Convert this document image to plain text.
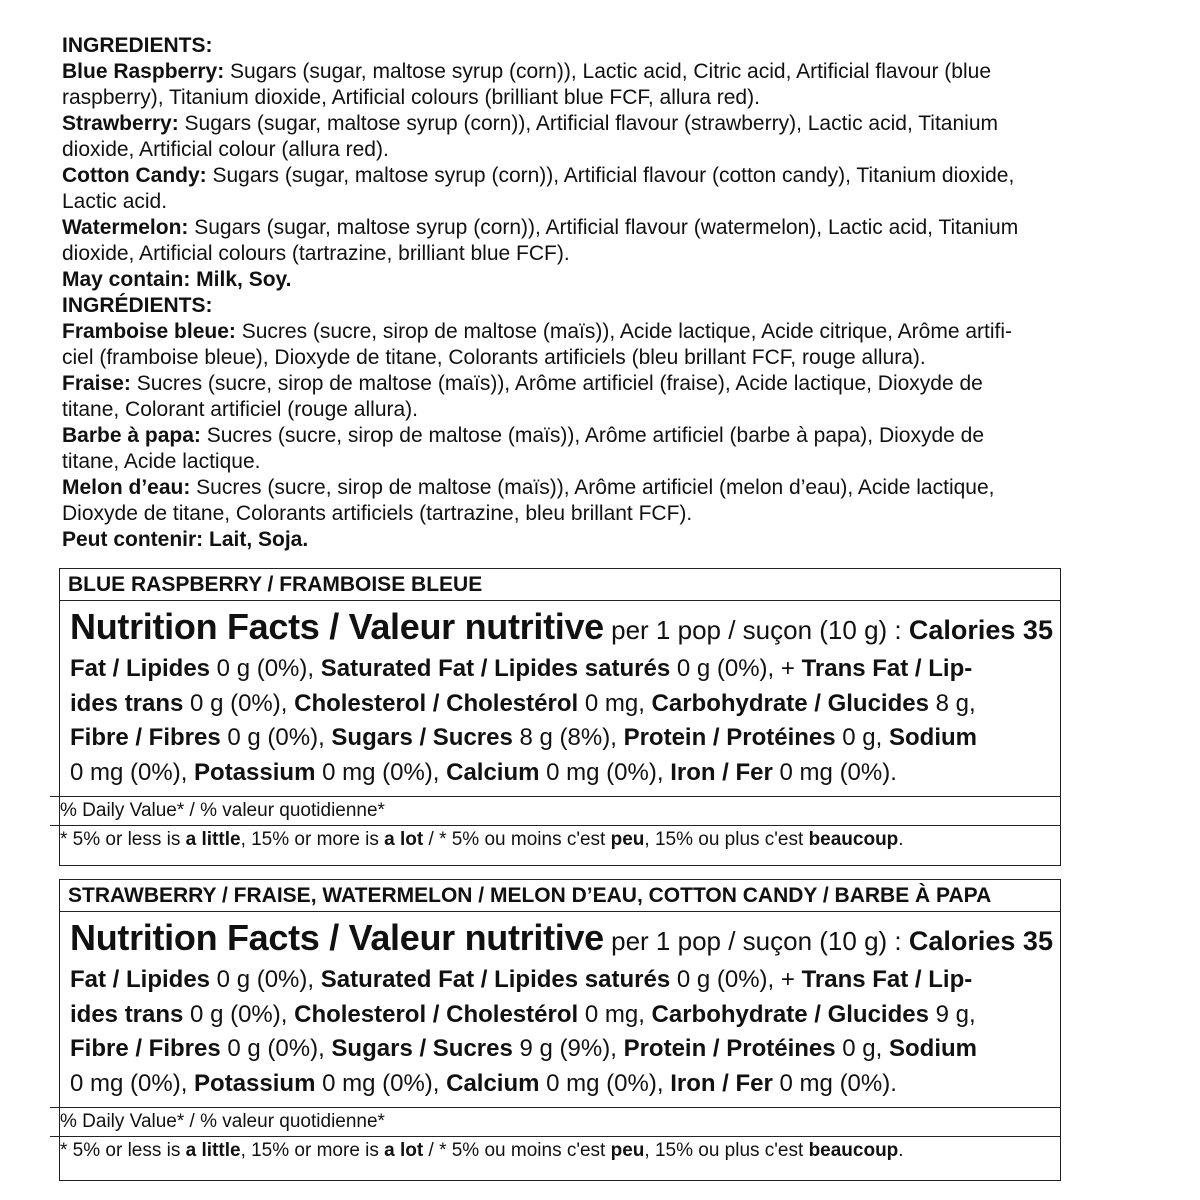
INGREDIENTS:
Blue Raspberry: Sugars (sugar, maltose syrup (corn)), Lactic acid, Citric acid, Artificial flavour (blue
raspberry), Titanium dioxide, Artificial colours (brilliant blue FCF, allura red).
Strawberry: Sugars (sugar, maltose syrup (corn)), Artificial flavour (strawberry), Lactic acid, Titanium
dioxide, Artificial colour (allura red).
Cotton Candy: Sugars (sugar, maltose syrup (corn)), Artificial flavour (cotton candy), Titanium dioxide,
Lactic acid.
Watermelon: Sugars (sugar, maltose syrup (corn)), Artificial flavour (watermelon), Lactic acid, Titanium
dioxide, Artificial colours (tartrazine, brilliant blue FCF).
May contain: Milk, Soy.
INGRÉDIENTS:
Framboise bleue: Sucres (sucre, sirop de maltose (maïs)), Acide lactique, Acide citrique, Arôme artifi-
ciel (framboise bleue), Dioxyde de titane, Colorants artificiels (bleu brillant FCF, rouge allura).
Fraise: Sucres (sucre, sirop de maltose (maïs)), Arôme artificiel (fraise), Acide lactique, Dioxyde de
titane, Colorant artificiel (rouge allura).
Barbe à papa: Sucres (sucre, sirop de maltose (maïs)), Arôme artificiel (barbe à papa), Dioxyde de
titane, Acide lactique.
Melon d’eau: Sucres (sucre, sirop de maltose (maïs)), Arôme artificiel (melon d’eau), Acide lactique,
Dioxyde de titane, Colorants artificiels (tartrazine, bleu brillant FCF).
Peut contenir: Lait, Soja.
BLUE RASPBERRY / FRAMBOISE BLEUE
Nutrition Facts / Valeur nutritive per 1 pop / suçon (10 g) : Calories 35
Fat / Lipides 0 g (0%), Saturated Fat / Lipides saturés 0 g (0%), + Trans Fat / Lip-
ides trans 0 g (0%), Cholesterol / Cholestérol 0 mg, Carbohydrate / Glucides 8 g,
Fibre / Fibres 0 g (0%), Sugars / Sucres 8 g (8%), Protein / Protéines 0 g, Sodium
0 mg (0%), Potassium 0 mg (0%), Calcium 0 mg (0%), Iron / Fer 0 mg (0%).
% Daily Value* / % valeur quotidienne*
* 5% or less is a little, 15% or more is a lot / * 5% ou moins c'est peu, 15% ou plus c'est beaucoup.
STRAWBERRY / FRAISE, WATERMELON / MELON D’EAU, COTTON CANDY / BARBE À PAPA
Nutrition Facts / Valeur nutritive per 1 pop / suçon (10 g) : Calories 35
Fat / Lipides 0 g (0%), Saturated Fat / Lipides saturés 0 g (0%), + Trans Fat / Lip-
ides trans 0 g (0%), Cholesterol / Cholestérol 0 mg, Carbohydrate / Glucides 9 g,
Fibre / Fibres 0 g (0%), Sugars / Sucres 9 g (9%), Protein / Protéines 0 g, Sodium
0 mg (0%), Potassium 0 mg (0%), Calcium 0 mg (0%), Iron / Fer 0 mg (0%).
% Daily Value* / % valeur quotidienne*
* 5% or less is a little, 15% or more is a lot / * 5% ou moins c'est peu, 15% ou plus c'est beaucoup.
